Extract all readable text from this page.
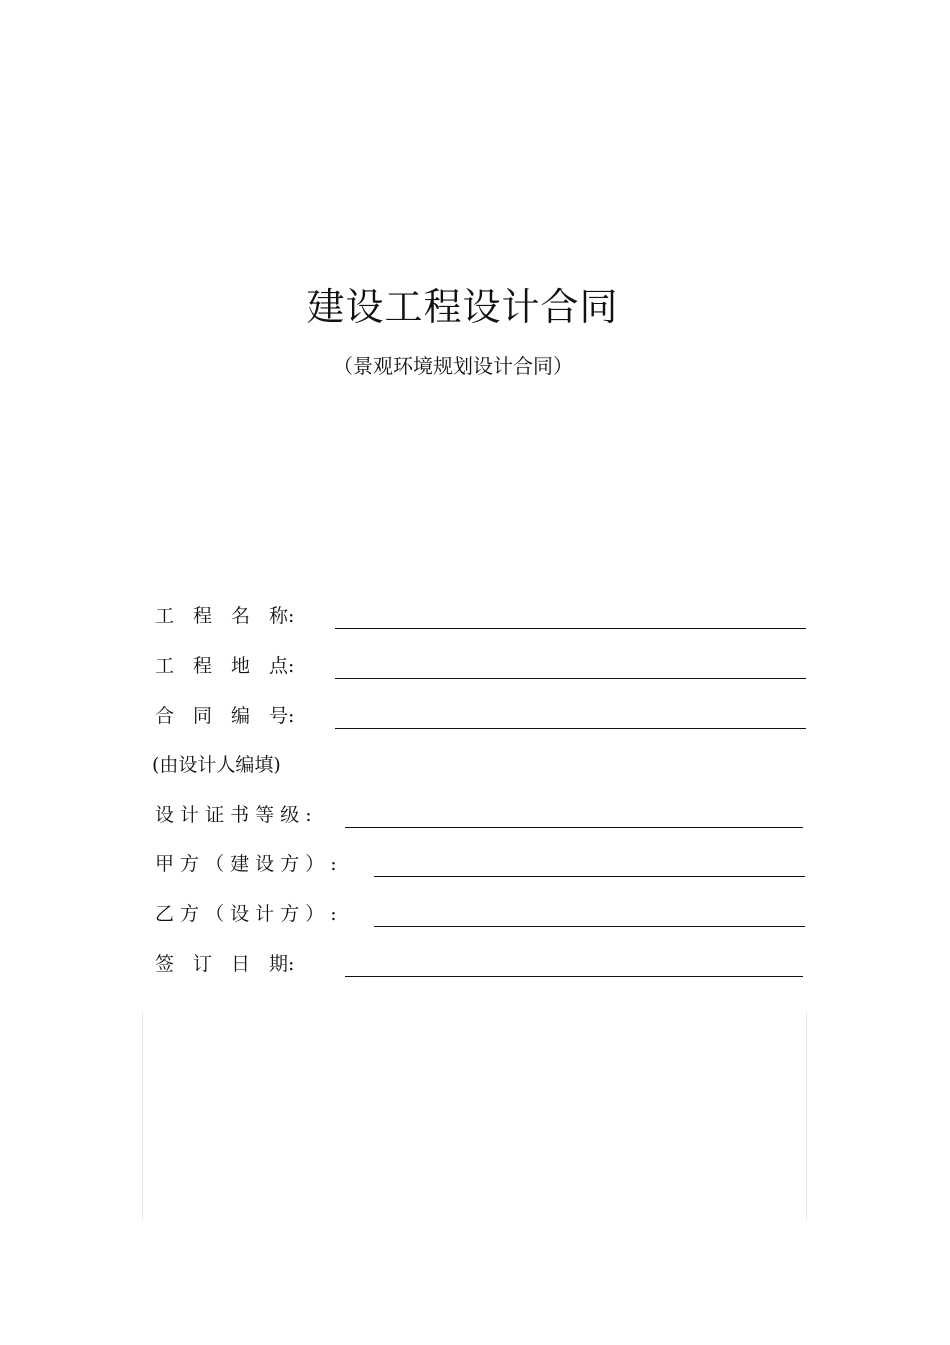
建设工程设计合同
（景观环境规划设计合同）
工　程　名　称:
工　程　地　点:
合　同　编　号:
(由设计人编填)
设 计 证 书 等 级 :
甲 方 （ 建 设 方 ） :
乙 方 （ 设 计 方 ） :
签　订　日　期:
